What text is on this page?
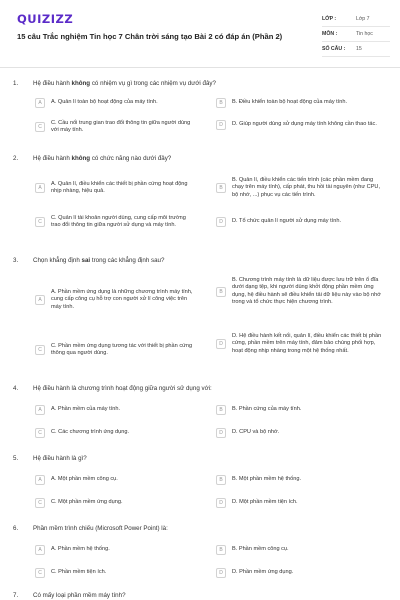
QUIZIZZ
15 câu Trắc nghiệm Tin học 7 Chân trời sáng tạo Bài 2 có đáp án (Phần 2)
LỚP :	Lớp 7
MÔN :	Tin học
SỐ CÂU :	15
1. Hệ điều hành không có nhiệm vụ gì trong các nhiệm vụ dưới đây?
A	A. Quản lí toàn bộ hoạt động của máy tính.	B	B. Điều khiển toàn bộ hoạt động của máy tính.
C
C. Cầu nối trung gian trao đổi thông tin giữa người dùng với máy tính.
D	D. Giúp người dùng sử dụng máy tính không cần thao tác.
2. Hệ điều hành không có chức năng nào dưới đây?
A
A. Quản lí, điều khiển các thiết bị phần cứng hoạt động nhịp nhàng, hiệu quả.
B
B. Quản lí, điều khiển các tiến trình (các phần mềm đang chạy trên máy tính), cấp phát, thu hồi tài nguyên (như CPU, bộ nhớ, ...) phục vụ các tiến trình.
C
C. Quản lí tài khoản người dùng, cung cấp môi trường trao đổi thông tin giữa người sử dụng và máy tính.
D	D. Tổ chức quản lí người sử dụng máy tính.
3. Chọn khẳng định sai trong các khẳng định sau?
A
A. Phần mềm ứng dụng là những chương trình máy tính, cung cấp công cụ hỗ trợ con người xử lí công việc trên máy tính.
B
B. Chương trình máy tính là dữ liệu được lưu trữ trên ổ đĩa dưới dạng tệp, khi người dùng khởi động phần mềm ứng dụng, hệ điều hành sẽ điều khiển tải dữ liệu này vào bộ nhớ trong và tổ chức thực hiện chương trình.
C
C. Phần mềm ứng dụng tương tác với thiết bị phần cứng thông qua người dùng.
D
D. Hệ điều hành kết nối, quản lí, điều khiển các thiết bị phần cứng, phần mềm trên máy tính, đảm bảo chúng phối hợp, hoạt động nhịp nhàng trong một hệ thống nhất.
4. Hệ điều hành là chương trình hoạt động giữa người sử dụng với:
A	A. Phần mềm của máy tính.	B	B. Phần cứng của máy tính.
C	C. Các chương trình ứng dụng.	D	D. CPU và bộ nhớ.
5. Hệ điều hành là gì?
A	A. Một phần mềm công cụ.	B	B. Một phần mềm hệ thống.
C	C. Một phần mềm ứng dụng.	D	D. Một phần mềm tiện ích.
6. Phần mềm trình chiếu (Microsoft Power Point) là:
A	A. Phần mềm hệ thống.	B	B. Phần mềm công cụ.
C	C. Phần mềm tiện ích.	D	D. Phần mềm ứng dụng.
7. Có mấy loại phần mềm máy tính?
